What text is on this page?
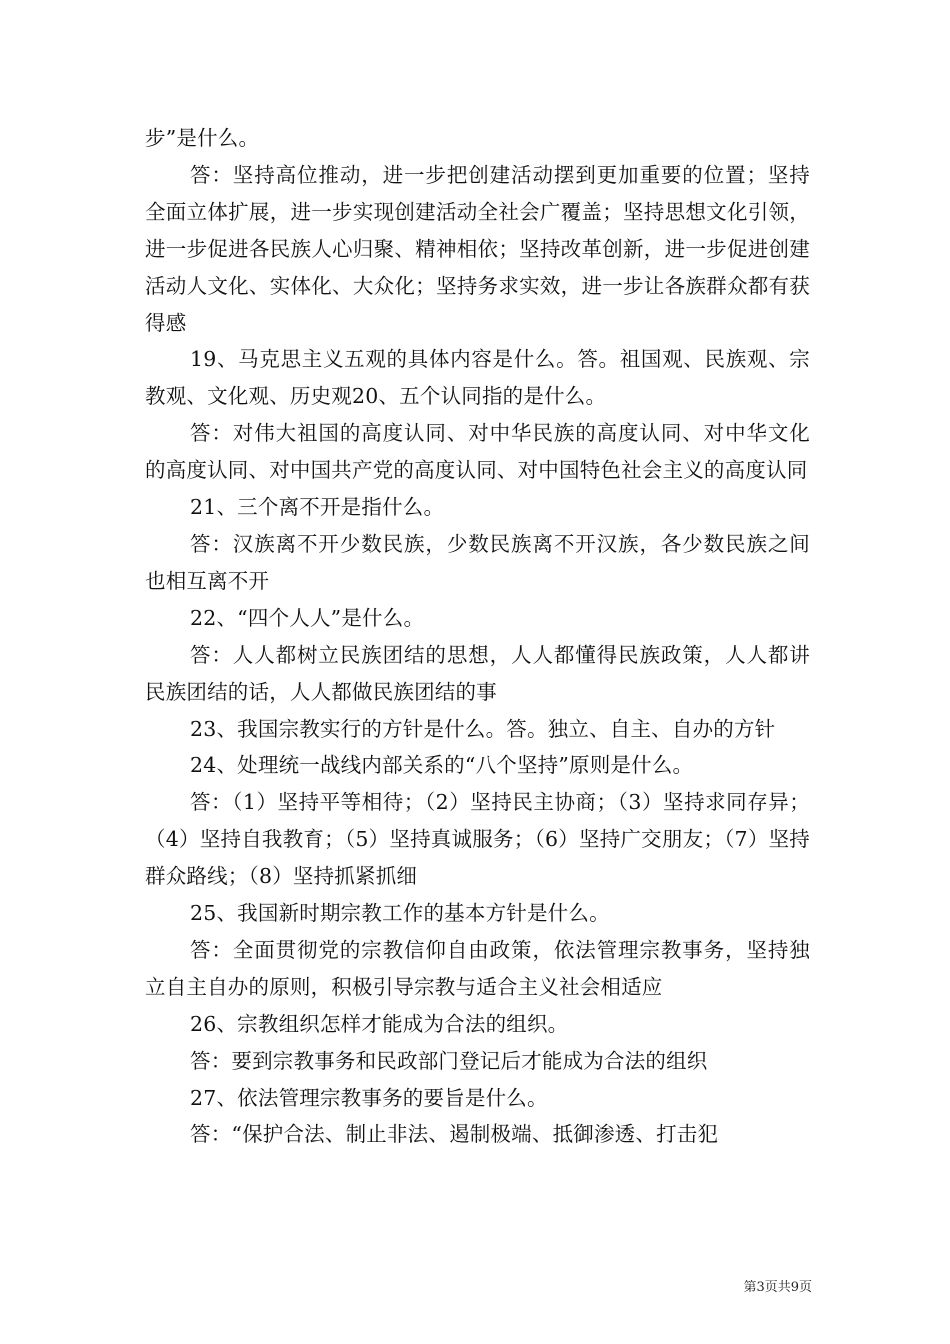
步”是什么。

答：坚持高位推动，进一步把创建活动摆到更加重要的位置；坚持全面立体扩展，进一步实现创建活动全社会广覆盖；坚持思想文化引领，进一步促进各民族人心归聚、精神相依；坚持改革创新，进一步促进创建活动人文化、实体化、大众化；坚持务求实效，进一步让各族群众都有获得感

19、马克思主义五观的具体内容是什么。答。祖国观、民族观、宗教观、文化观、历史观20、五个认同指的是什么。

答：对伟大祖国的高度认同、对中华民族的高度认同、对中华文化的高度认同、对中国共产党的高度认同、对中国特色社会主义的高度认同

21、三个离不开是指什么。

答：汉族离不开少数民族，少数民族离不开汉族，各少数民族之间也相互离不开

22、“四个人人”是什么。

答：人人都树立民族团结的思想，人人都懂得民族政策，人人都讲民族团结的话，人人都做民族团结的事

23、我国宗教实行的方针是什么。答。独立、自主、自办的方针

24、处理统一战线内部关系的“八个坚持”原则是什么。

答：（1）坚持平等相待；（2）坚持民主协商；（3）坚持求同存异；（4）坚持自我教育；（5）坚持真诚服务；（6）坚持广交朋友；（7）坚持群众路线；（8）坚持抓紧抓细

25、我国新时期宗教工作的基本方针是什么。

答：全面贯彻党的宗教信仰自由政策，依法管理宗教事务，坚持独立自主自办的原则，积极引导宗教与适合主义社会相适应

26、宗教组织怎样才能成为合法的组织。

答：要到宗教事务和民政部门登记后才能成为合法的组织

27、依法管理宗教事务的要旨是什么。

答：“保护合法、制止非法、遏制极端、抵御渗透、打击犯

第3页共9页
